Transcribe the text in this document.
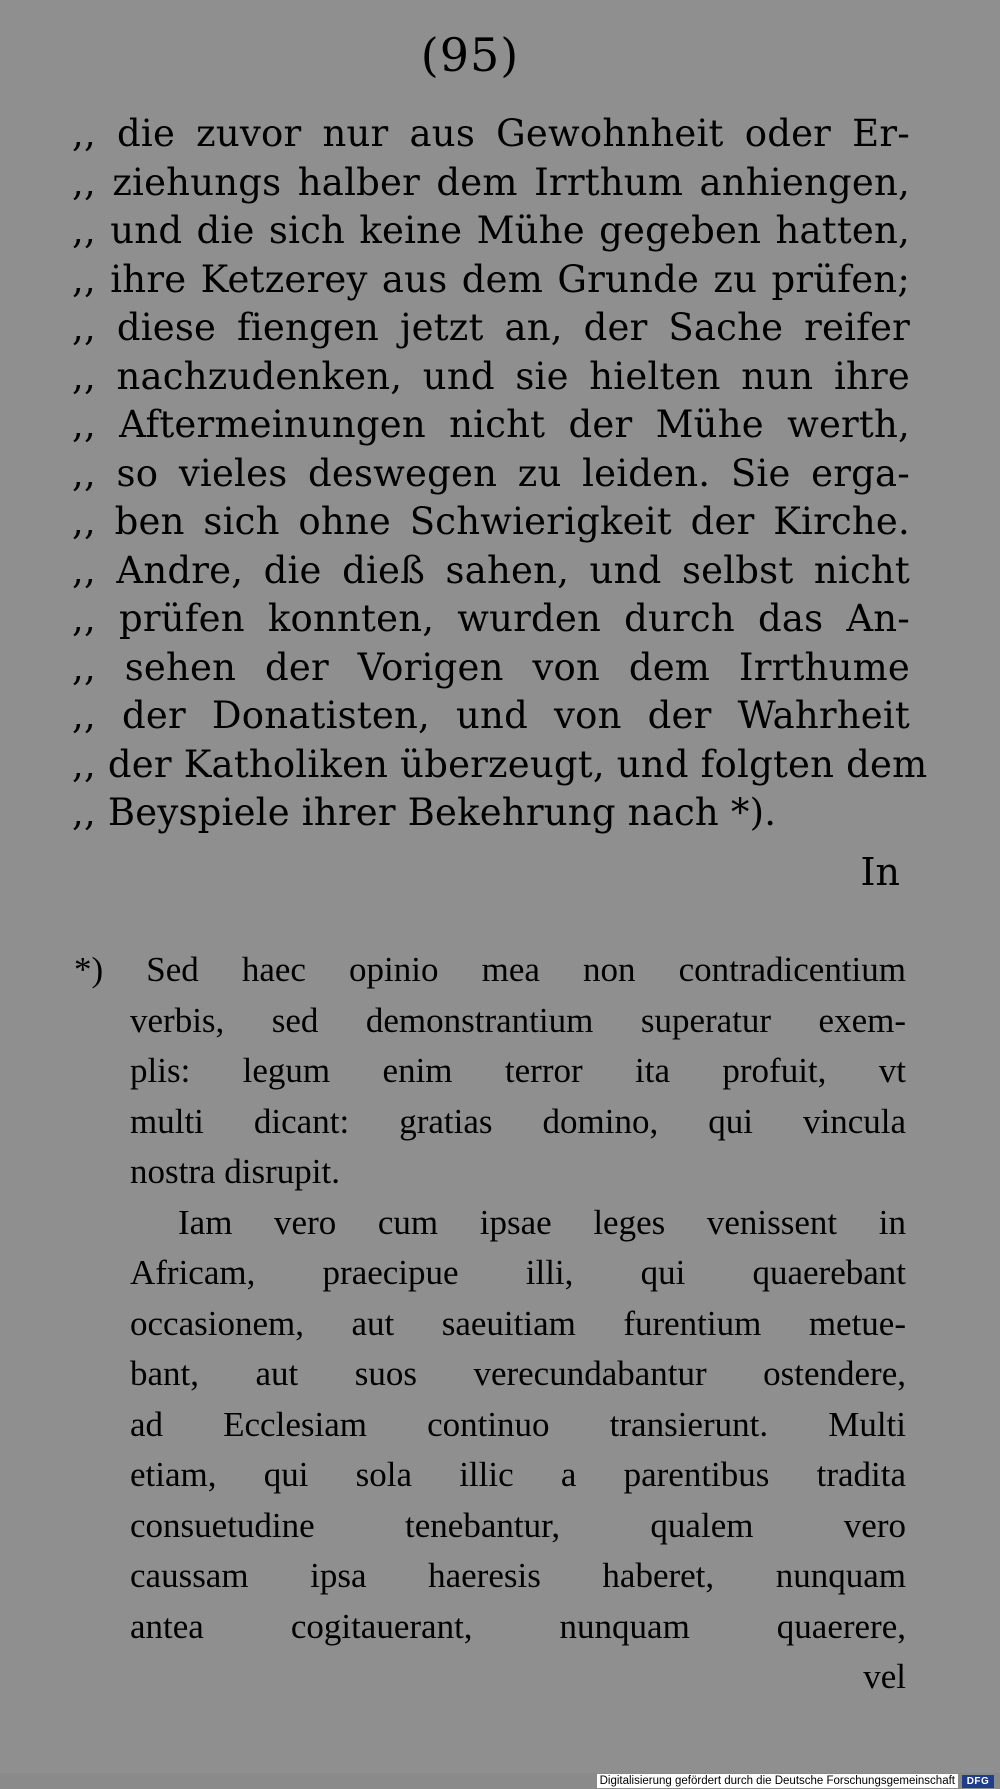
(95)
,, die zuvor nur aus Gewohnheit oder Er-
,, ziehungs halber dem Irrthum anhiengen,
,, und die sich keine Mühe gegeben hatten,
,, ihre Ketzerey aus dem Grunde zu prüfen;
,, diese fiengen jetzt an, der Sache reifer
,, nachzudenken, und sie hielten nun ihre
,, Aftermeinungen nicht der Mühe werth,
,, so vieles deswegen zu leiden. Sie erga-
,, ben sich ohne Schwierigkeit der Kirche.
,, Andre, die dieß sahen, und selbst nicht
,, prüfen konnten, wurden durch das An-
,, sehen der Vorigen von dem Irrthume
,, der Donatisten, und von der Wahrheit
,, der Katholiken überzeugt, und folgten dem
,, Beyspiele ihrer Bekehrung nach *).
In
*) Sed haec opinio mea non contradicentium
verbis, sed demonstrantium superatur exem-
plis: legum enim terror ita profuit, vt
multi dicant: gratias domino, qui vincula
nostra disrupit.
Iam vero cum ipsae leges venissent in
Africam, praecipue illi, qui quaerebant
occasionem, aut saeuitiam furentium metue-
bant, aut suos verecundabantur ostendere,
ad Ecclesiam continuo transierunt. Multi
etiam, qui sola illic a parentibus tradita
consuetudine tenebantur, qualem vero
caussam ipsa haeresis haberet, nunquam
antea cogitauerant, nunquam quaerere,
vel
Digitalisierung gefördert durch die Deutsche Forschungsgemeinschaft	DFG
